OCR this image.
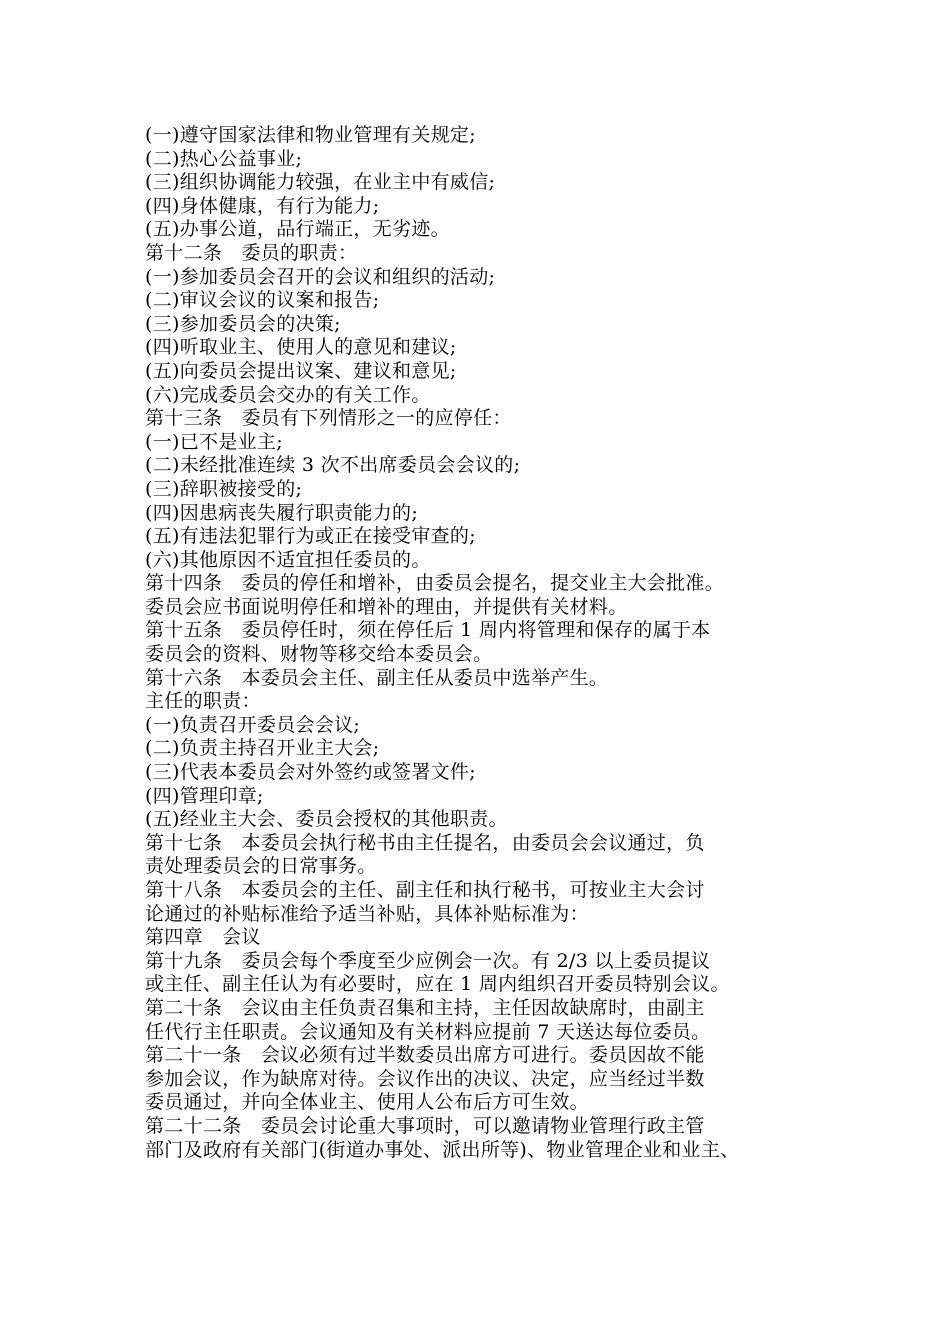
(一)遵守国家法律和物业管理有关规定;
(二)热心公益事业;
(三)组织协调能力较强，在业主中有威信;
(四)身体健康，有行为能力;
(五)办事公道，品行端正，无劣迹。
第十二条　委员的职责：
(一)参加委员会召开的会议和组织的活动;
(二)审议会议的议案和报告;
(三)参加委员会的决策;
(四)听取业主、使用人的意见和建议;
(五)向委员会提出议案、建议和意见;
(六)完成委员会交办的有关工作。
第十三条　委员有下列情形之一的应停任：
(一)已不是业主;
(二)未经批准连续 3 次不出席委员会会议的;
(三)辞职被接受的;
(四)因患病丧失履行职责能力的;
(五)有违法犯罪行为或正在接受审查的;
(六)其他原因不适宜担任委员的。
第十四条　委员的停任和增补，由委员会提名，提交业主大会批准。
委员会应书面说明停任和增补的理由，并提供有关材料。
第十五条　委员停任时，须在停任后 1 周内将管理和保存的属于本
委员会的资料、财物等移交给本委员会。
第十六条　本委员会主任、副主任从委员中选举产生。
主任的职责：
(一)负责召开委员会会议;
(二)负责主持召开业主大会;
(三)代表本委员会对外签约或签署文件;
(四)管理印章;
(五)经业主大会、委员会授权的其他职责。
第十七条　本委员会执行秘书由主任提名，由委员会会议通过，负
责处理委员会的日常事务。
第十八条　本委员会的主任、副主任和执行秘书，可按业主大会讨
论通过的补贴标准给予适当补贴，具体补贴标准为：
第四章　会议
第十九条　委员会每个季度至少应例会一次。有 2/3 以上委员提议
或主任、副主任认为有必要时，应在 1 周内组织召开委员特别会议。
第二十条　会议由主任负责召集和主持，主任因故缺席时，由副主
任代行主任职责。会议通知及有关材料应提前 7 天送达每位委员。
第二十一条　会议必须有过半数委员出席方可进行。委员因故不能
参加会议，作为缺席对待。会议作出的决议、决定，应当经过半数
委员通过，并向全体业主、使用人公布后方可生效。
第二十二条　委员会讨论重大事项时，可以邀请物业管理行政主管
部门及政府有关部门(街道办事处、派出所等)、物业管理企业和业主、
